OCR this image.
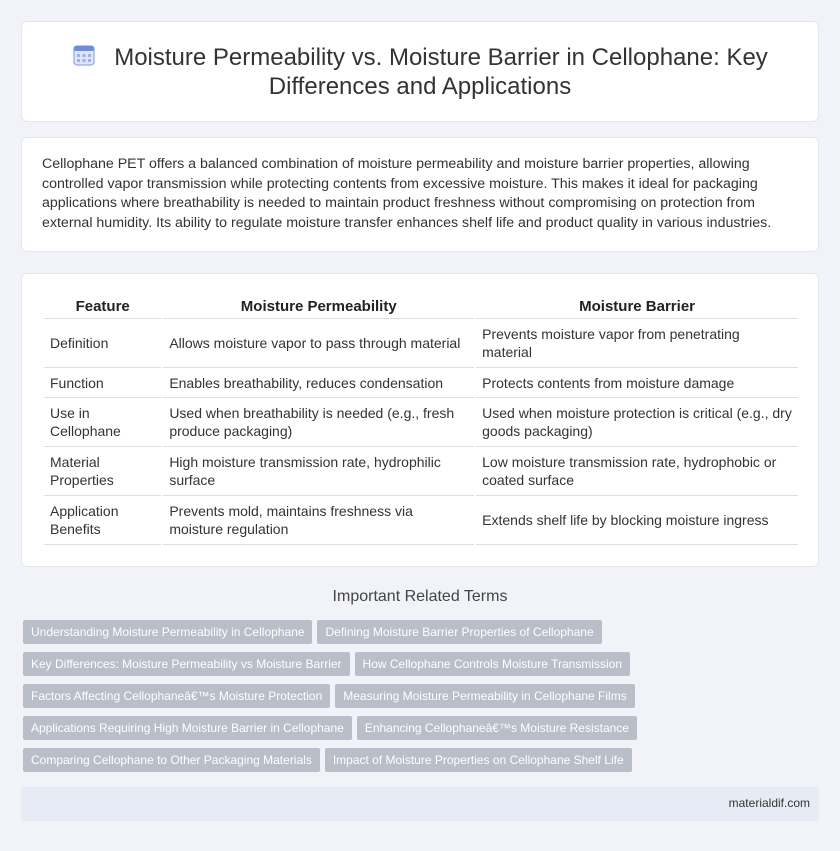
Moisture Permeability vs. Moisture Barrier in Cellophane: Key Differences and Applications

Cellophane PET offers a balanced combination of moisture permeability and moisture barrier properties, allowing controlled vapor transmission while protecting contents from excessive moisture. This makes it ideal for packaging applications where breathability is needed to maintain product freshness without compromising on protection from external humidity. Its ability to regulate moisture transfer enhances shelf life and product quality in various industries.

Feature	Moisture Permeability	Moisture Barrier
Definition	Allows moisture vapor to pass through material	Prevents moisture vapor from penetrating material
Function	Enables breathability, reduces condensation	Protects contents from moisture damage
Use in Cellophane	Used when breathability is needed (e.g., fresh produce packaging)	Used when moisture protection is critical (e.g., dry goods packaging)
Material Properties	High moisture transmission rate, hydrophilic surface	Low moisture transmission rate, hydrophobic or coated surface
Application Benefits	Prevents mold, maintains freshness via moisture regulation	Extends shelf life by blocking moisture ingress
Important Related Terms
Understanding Moisture Permeability in Cellophane Defining Moisture Barrier Properties of Cellophane
Key Differences: Moisture Permeability vs Moisture Barrier How Cellophane Controls Moisture Transmission
Factors Affecting Cellophaneâ€™s Moisture Protection Measuring Moisture Permeability in Cellophane Films
Applications Requiring High Moisture Barrier in Cellophane Enhancing Cellophaneâ€™s Moisture Resistance
Comparing Cellophane to Other Packaging Materials Impact of Moisture Properties on Cellophane Shelf Life
materialdif.com
